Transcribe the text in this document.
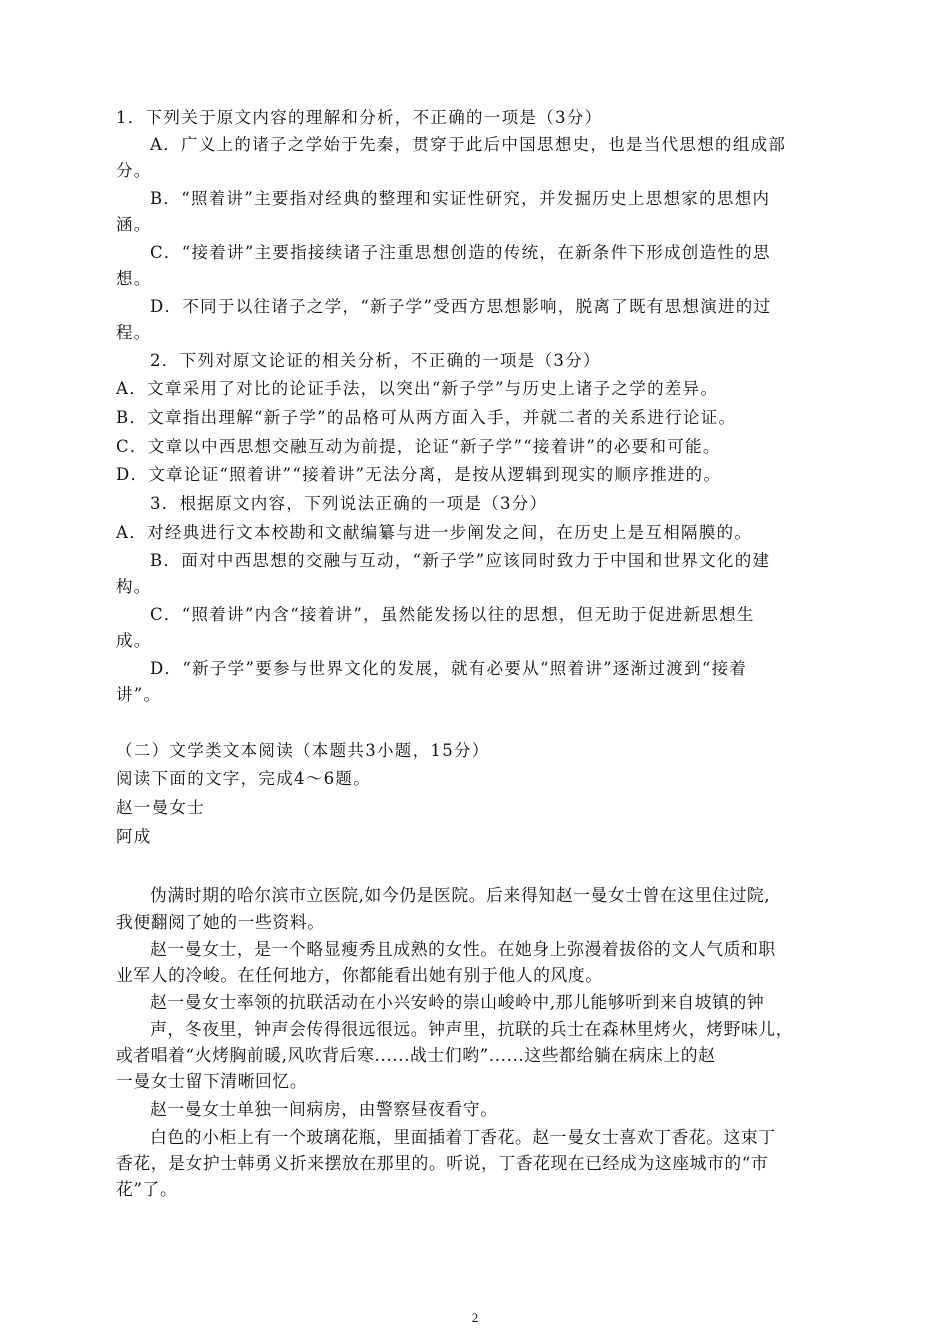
1．下列关于原文内容的理解和分析，不正确的一项是（3分）
A．广义上的诸子之学始于先秦，贯穿于此后中国思想史，也是当代思想的组成部
分。
B．“照着讲”主要指对经典的整理和实证性研究，并发掘历史上思想家的思想内
涵。
C．“接着讲”主要指接续诸子注重思想创造的传统，在新条件下形成创造性的思
想。
D．不同于以往诸子之学，“新子学”受西方思想影响，脱离了既有思想演进的过
程。
2．下列对原文论证的相关分析，不正确的一项是（3分）
A．文章采用了对比的论证手法，以突出“新子学”与历史上诸子之学的差异。
B．文章指出理解“新子学”的品格可从两方面入手，并就二者的关系进行论证。
C．文章以中西思想交融互动为前提，论证“新子学”“接着讲”的必要和可能。
D．文章论证“照着讲”“接着讲”无法分离，是按从逻辑到现实的顺序推进的。
3．根据原文内容，下列说法正确的一项是（3分）
A．对经典进行文本校勘和文献编纂与进一步阐发之间，在历史上是互相隔膜的。
B．面对中西思想的交融与互动，“新子学”应该同时致力于中国和世界文化的建
构。
C．“照着讲”内含“接着讲”，虽然能发扬以往的思想，但无助于促进新思想生
成。
D．“新子学”要参与世界文化的发展，就有必要从“照着讲”逐渐过渡到“接着
讲”。
（二）文学类文本阅读（本题共3小题，15分）
阅读下面的文字，完成4～6题。
赵一曼女士
阿成
伪满时期的哈尔滨市立医院,如今仍是医院。后来得知赵一曼女士曾在这里住过院,
我便翻阅了她的一些资料。
赵一曼女士，是一个略显瘦秀且成熟的女性。在她身上弥漫着拔俗的文人气质和职
业军人的冷峻。在任何地方，你都能看出她有别于他人的风度。
赵一曼女士率领的抗联活动在小兴安岭的崇山峻岭中,那儿能够听到来自坡镇的钟
声，冬夜里，钟声会传得很远很远。钟声里，抗联的兵士在森林里烤火，烤野味儿，
或者唱着“火烤胸前暖,风吹背后寒......战士们哟”......这些都给躺在病床上的赵
一曼女士留下清晰回忆。
赵一曼女士单独一间病房，由警察昼夜看守。
白色的小柜上有一个玻璃花瓶，里面插着丁香花。赵一曼女士喜欢丁香花。这束丁
香花，是女护士韩勇义折来摆放在那里的。听说，丁香花现在已经成为这座城市的“市
花”了。
2
